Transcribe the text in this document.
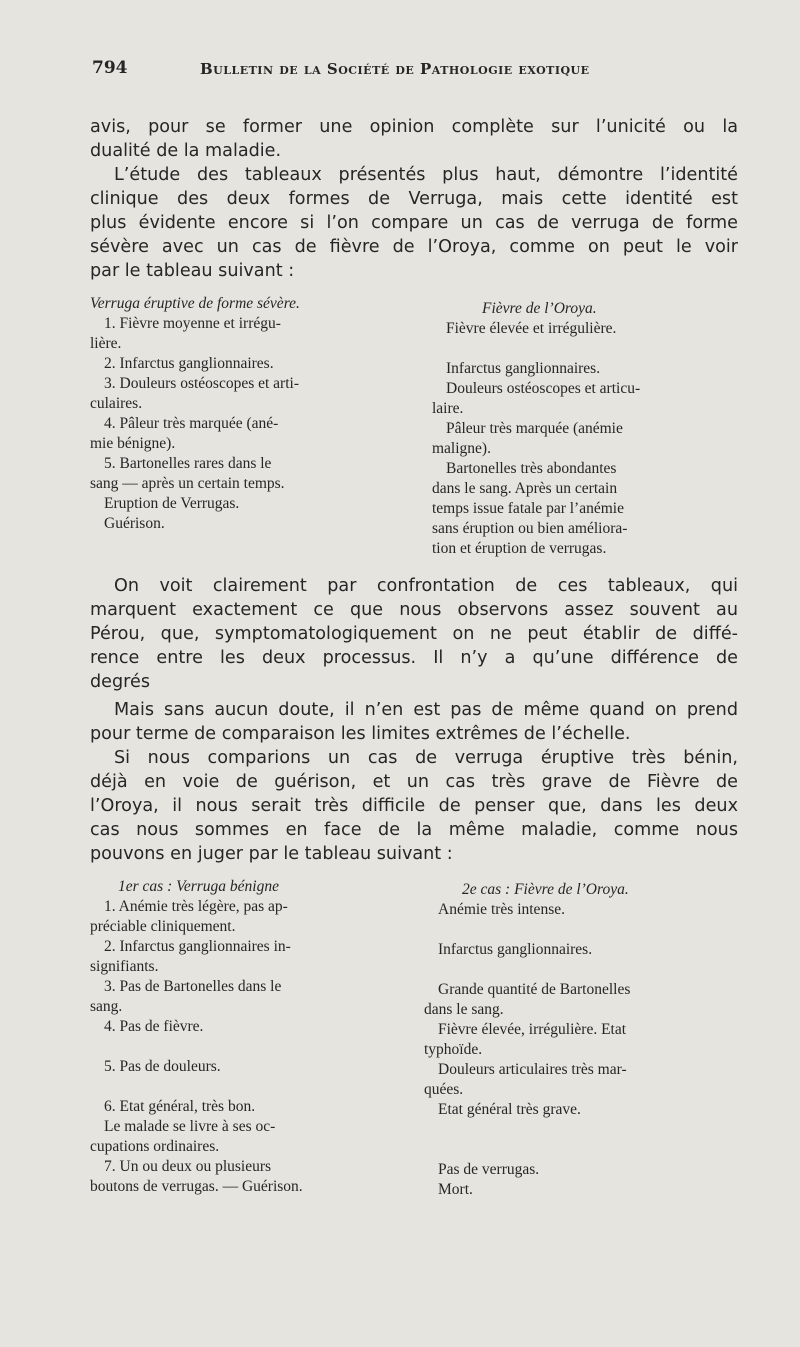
794	Bulletin de la Société de Pathologie exotique
avis, pour se former une opinion complète sur l’unicité ou la
dualité de la maladie.
L’étude des tableaux présentés plus haut, démontre l’identité
clinique des deux formes de Verruga, mais cette identité est
plus évidente encore si l’on compare un cas de verruga de forme
sévère avec un cas de fièvre de l’Oroya, comme on peut le voir
par le tableau suivant :
Verruga éruptive de forme sévère.
1. Fièvre moyenne et irrégu-
lière.
2. Infarctus ganglionnaires.
3. Douleurs ostéoscopes et arti-
culaires.
4. Pâleur très marquée (ané-
mie bénigne).
5. Bartonelles rares dans le
sang — après un certain temps.
Eruption de Verrugas.
Guérison.
Fièvre de l’Oroya.
Fièvre élevée et irrégulière.

Infarctus ganglionnaires.
Douleurs ostéoscopes et articu-
laire.
Pâleur très marquée (anémie
maligne).
Bartonelles très abondantes
dans le sang. Après un certain
temps issue fatale par l’anémie
sans éruption ou bien améliora-
tion et éruption de verrugas.
On voit clairement par confrontation de ces tableaux, qui
marquent exactement ce que nous observons assez souvent au
Pérou, que, symptomatologiquement on ne peut établir de diffé-
rence entre les deux processus. Il n’y a qu’une différence de
degrés
Mais sans aucun doute, il n’en est pas de même quand on prend
pour terme de comparaison les limites extrêmes de l’échelle.
Si nous comparions un cas de verruga éruptive très bénin,
déjà en voie de guérison, et un cas très grave de Fièvre de
l’Oroya, il nous serait très difficile de penser que, dans les deux
cas nous sommes en face de la même maladie, comme nous
pouvons en juger par le tableau suivant :
1er cas : Verruga bénigne
1. Anémie très légère, pas ap-
préciable cliniquement.
2. Infarctus ganglionnaires in-
signifiants.
3. Pas de Bartonelles dans le
sang.
4. Pas de fièvre.

5. Pas de douleurs.

6. Etat général, très bon.
Le malade se livre à ses oc-
cupations ordinaires.
7. Un ou deux ou plusieurs
boutons de verrugas. — Guérison.
2e cas : Fièvre de l’Oroya.
Anémie très intense.

Infarctus ganglionnaires.

Grande quantité de Bartonelles
dans le sang.
Fièvre élevée, irrégulière. Etat
typhoïde.
Douleurs articulaires très mar-
quées.
Etat général très grave.

Pas de verrugas.
Mort.
